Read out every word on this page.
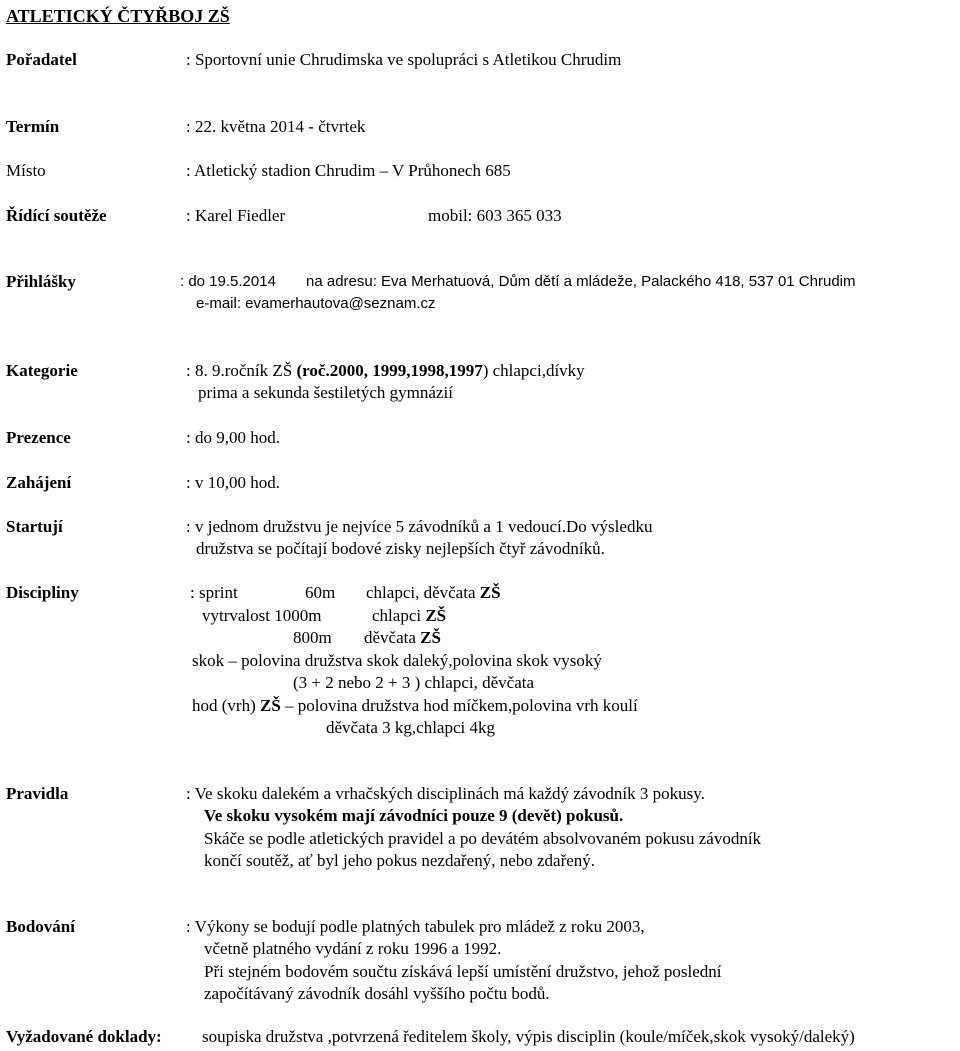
ATLETICKÝ ČTYŘBOJ ZŠ
Pořadatel	: Sportovní unie Chrudimska ve spolupráci s Atletikou Chrudim
Termín	: 22. května 2014 - čtvrtek
Místo	: Atletický stadion Chrudim – V Průhonech 685
Řídící soutěže	: Karel Fiedler	mobil: 603 365 033
Přihlášky	: do 19.5.2014 na adresu: Eva Merhatuová, Dům dětí a mládeže, Palackého 418, 537 01 Chrudim
e-mail: evamerhautova@seznam.cz
Kategorie	: 8. 9.ročník ZŠ (roč.2000, 1999,1998,1997) chlapci,dívky
prima a sekunda šestiletých gymnázií
Prezence	: do 9,00 hod.
Zahájení	: v 10,00 hod.
Startují	: v jednom družstvu je nejvíce 5 závodníků a 1 vedoucí.Do výsledku
družstva se počítají bodové zisky nejlepších čtyř závodníků.
Discipliny	: sprint	60m chlapci, děvčata ZŠ
vytrvalost 1000m	chlapci ZŠ
800m děvčata ZŠ
skok – polovina družstva skok daleký,polovina skok vysoký
(3 + 2 nebo 2 + 3 ) chlapci, děvčata
hod (vrh) ZŠ – polovina družstva hod míčkem,polovina vrh koulí
děvčata 3 kg,chlapci 4kg
Pravidla	: Ve skoku dalekém a vrhačských disciplinách má každý závodník 3 pokusy.
Ve skoku vysokém mají závodníci pouze 9 (devět) pokusů.
Skáče se podle atletických pravidel a po devátém absolvovaném pokusu závodník
končí soutěž, ať byl jeho pokus nezdařený, nebo zdařený.
Bodování	: Výkony se bodují podle platných tabulek pro mládež z roku 2003,
včetně platného vydání z roku 1996 a 1992.
Při stejném bodovém součtu získává lepší umístění družstvo, jehož poslední
započítávaný závodník dosáhl vyššího počtu bodů.
Vyžadované doklady: soupiska družstva ,potvrzená ředitelem školy, výpis disciplin (koule/míček,skok vysoký/daleký)
